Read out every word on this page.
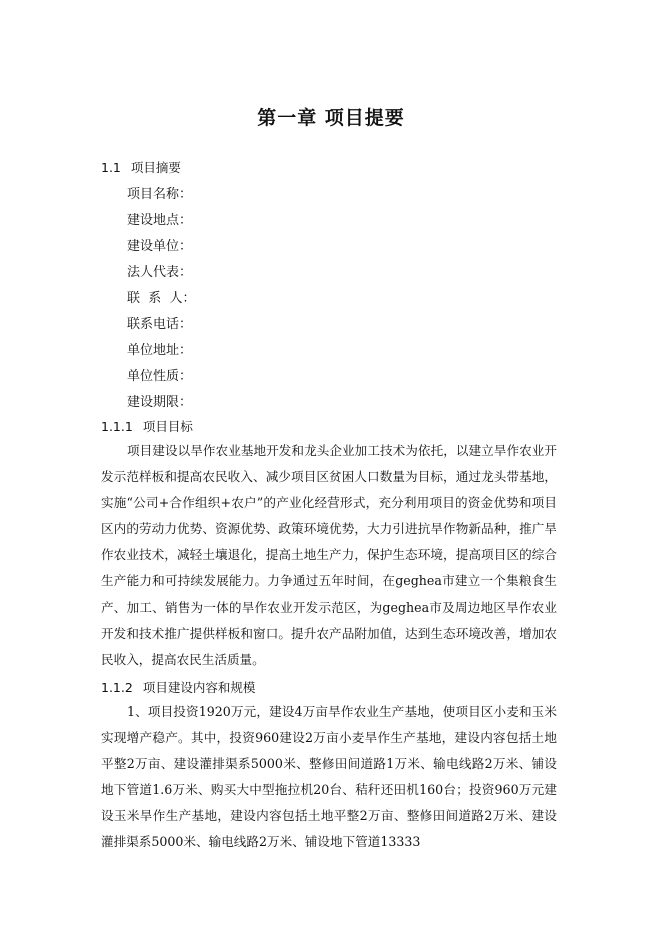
第一章 项目提要
1.1 项目摘要
项目名称：
建设地点：
建设单位：
法人代表：
联  系  人：
联系电话：
单位地址：
单位性质：
建设期限：
1.1.1 项目目标
项目建设以旱作农业基地开发和龙头企业加工技术为依托，以建立旱作农业开发示范样板和提高农民收入、减少项目区贫困人口数量为目标，通过龙头带基地，实施“公司+合作组织+农户”的产业化经营形式，充分利用项目的资金优势和项目区内的劳动力优势、资源优势、政策环境优势，大力引进抗旱作物新品种，推广旱作农业技术，减轻土壤退化，提高土地生产力，保护生态环境，提高项目区的综合生产能力和可持续发展能力。力争通过五年时间，在geghea市建立一个集粮食生产、加工、销售为一体的旱作农业开发示范区，为geghea市及周边地区旱作农业开发和技术推广提供样板和窗口。提升农产品附加值，达到生态环境改善，增加农民收入，提高农民生活质量。
1.1.2 项目建设内容和规模
1、项目投资1920万元，建设4万亩旱作农业生产基地，使项目区小麦和玉米实现增产稳产。其中，投资960建设2万亩小麦旱作生产基地，建设内容包括土地平整2万亩、建设灌排渠系5000米、整修田间道路1万米、输电线路2万米、铺设地下管道1.6万米、购买大中型拖拉机20台、秸秆还田机160台；投资960万元建设玉米旱作生产基地，建设内容包括土地平整2万亩、整修田间道路2万米、建设灌排渠系5000米、输电线路2万米、铺设地下管道13333
